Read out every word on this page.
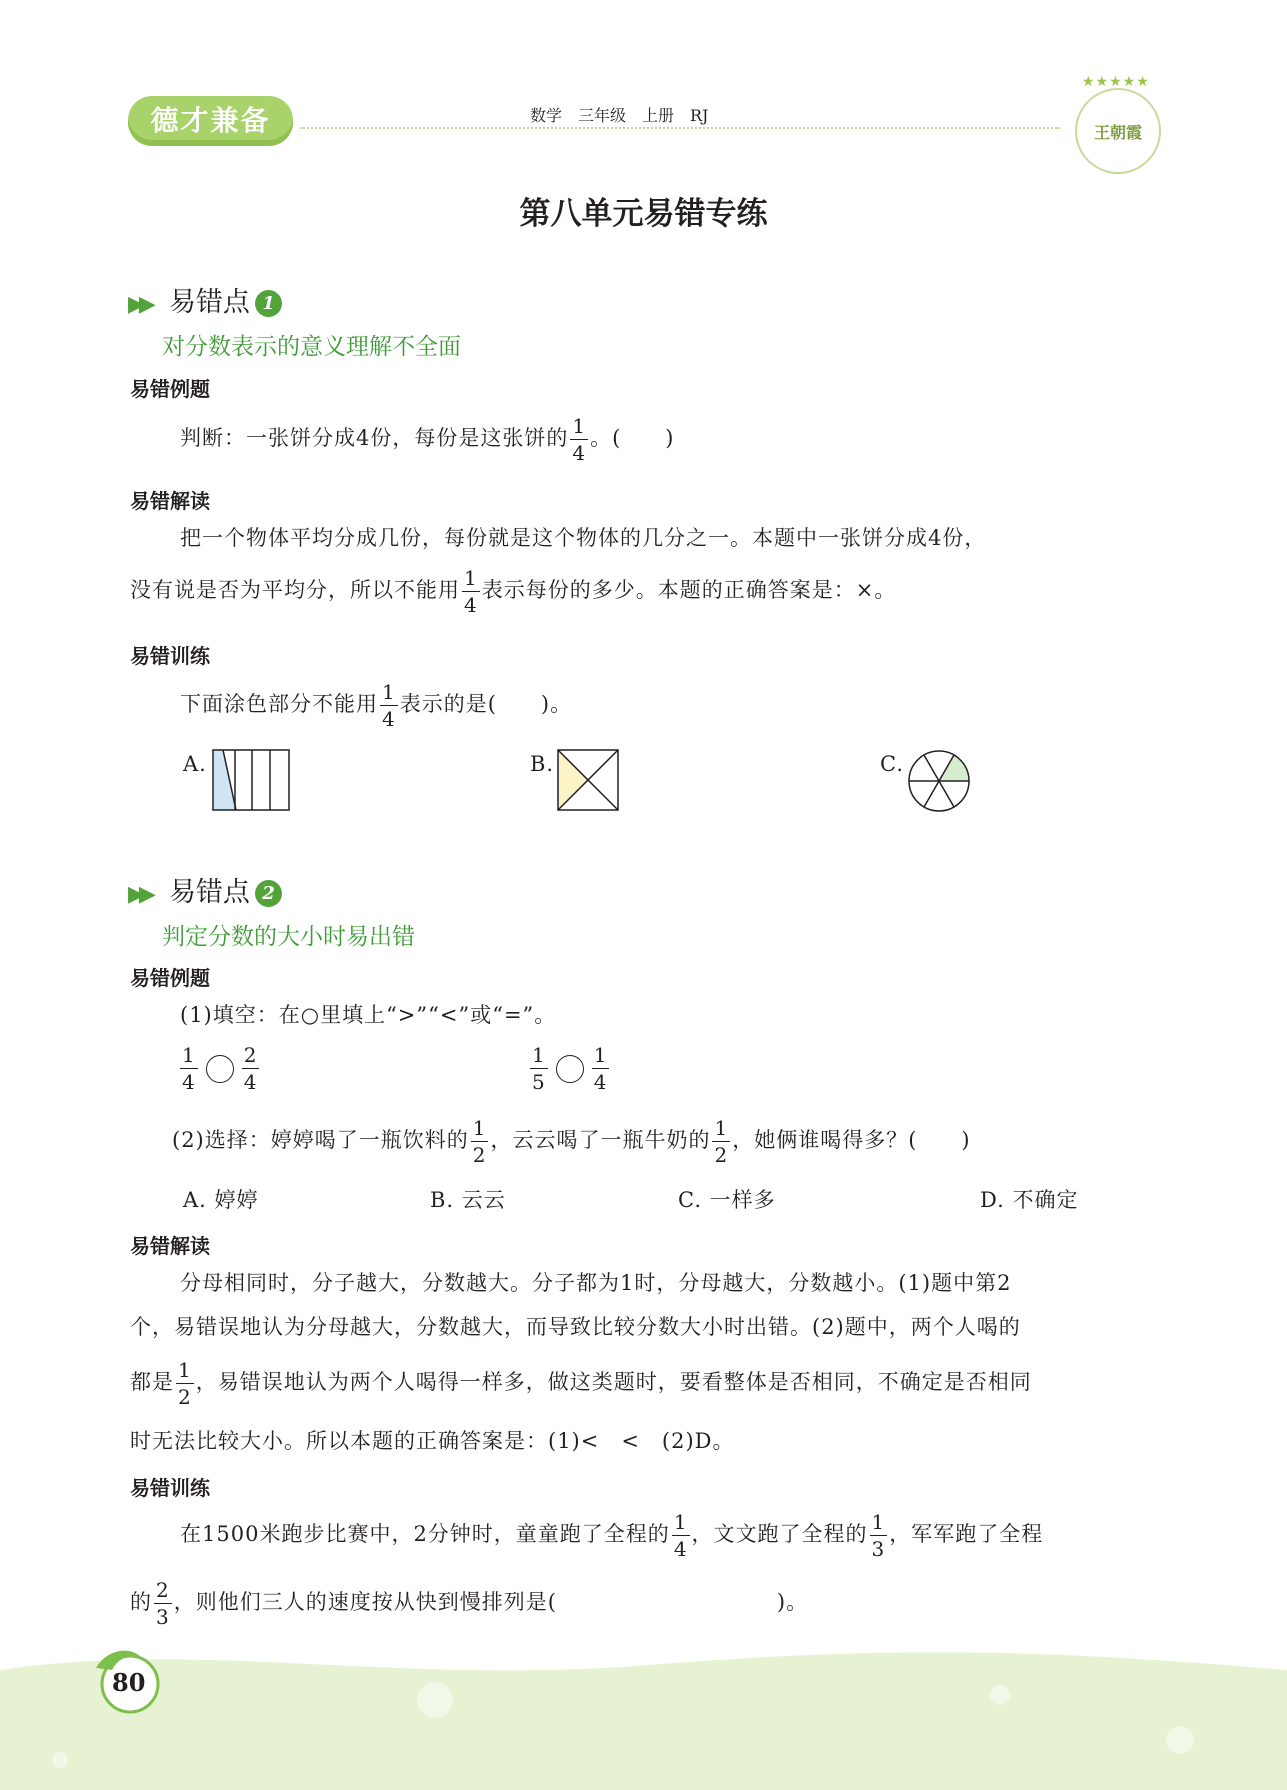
德才兼备	数学　三年级　上册　RJ
★★★★★
王朝霞
第八单元易错专练
▶▶ 易错点 1
对分数表示的意义理解不全面
易错例题
判断：一张饼分成4份，每份是这张饼的 $\frac{1}{4}$ 。(　　)
易错解读
把一个物体平均分成几份，每份就是这个物体的几分之一。本题中一张饼分成4份，
没有说是否为平均分，所以不能用 $\frac{1}{4}$ 表示每份的多少。本题的正确答案是：×。
易错训练
下面涂色部分不能用 $\frac{1}{4}$ 表示的是(　　)。
A.	B.	C.
▶▶ 易错点 2
判定分数的大小时易出错
易错例题
(1)填空：在○里填上“>”“<”或“=”。
$\frac{1}{4} \frac{2}{4}$	$\frac{1}{5} \frac{1}{4}$
(2)选择：婷婷喝了一瓶饮料的 $\frac{1}{2}$ ，云云喝了一瓶牛奶的 $\frac{1}{2}$ ，她俩谁喝得多？(　　)
A. 婷婷	B. 云云	C. 一样多	D. 不确定
易错解读
分母相同时，分子越大，分数越大。分子都为1时，分母越大，分数越小。(1)题中第2
个，易错误地认为分母越大，分数越大，而导致比较分数大小时出错。(2)题中，两个人喝的
都是 $\frac{1}{2}$ ，易错误地认为两个人喝得一样多，做这类题时，要看整体是否相同，不确定是否相同
时无法比较大小。所以本题的正确答案是：(1)<　<　(2)D。
易错训练
在1500米跑步比赛中，2分钟时，童童跑了全程的 $\frac{1}{4}$ ，文文跑了全程的 $\frac{1}{3}$ ，军军跑了全程
的 $\frac{2}{3}$ ，则他们三人的速度按从快到慢排列是(　　　　　　　　　　)。
80
